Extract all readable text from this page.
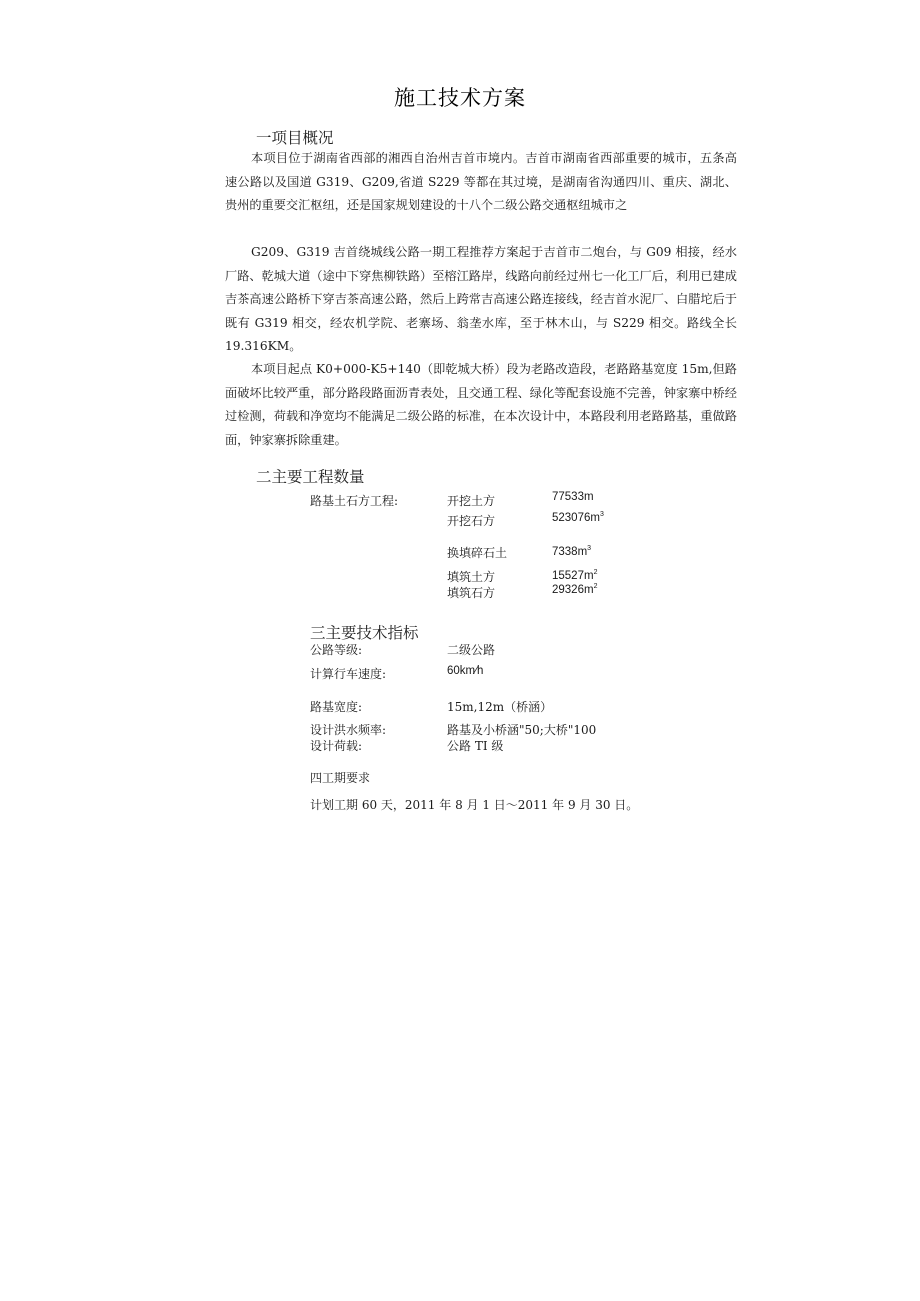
施工技术方案
一项目概况
本项目位于湖南省西部的湘西自治州吉首市境内。吉首市湖南省西部重要的城市，五条高速公路以及国道 G319、G209,省道 S229 等都在其过境，是湖南省沟通四川、重庆、湖北、贵州的重要交汇枢纽，还是国家规划建设的十八个二级公路交通枢纽城市之
G209、G319 吉首绕城线公路一期工程推荐方案起于吉首市二炮台，与 G09 相接，经水厂路、乾城大道（途中下穿焦柳铁路）至榕江路岸，线路向前经过州七一化工厂后，利用已建成吉茶高速公路桥下穿吉茶高速公路，然后上跨常吉高速公路连接线，经吉首水泥厂、白腊坨后于既有 G319 相交，经农机学院、老寨场、翁垄水库，至于林木山，与 S229 相交。路线全长 19.316KM。
本项目起点 K0+000-K5+140（即乾城大桥）段为老路改造段，老路路基宽度 15m,但路面破坏比较严重，部分路段路面沥青表处，且交通工程、绿化等配套设施不完善，钟家寨中桥经过检测，荷载和净宽均不能满足二级公路的标准，在本次设计中，本路段利用老路路基，重做路面，钟家寨拆除重建。
二主要工程数量
路基土石方工程:	开挖土方	77533m
开挖石方	$523076m^3$
换填碎石土	$7338m^3$
填筑土方	$15527m^2$
填筑石方	$29326m^2$
三主要技术指标
公路等级:	二级公路
计算行车速度:	60km∕h
路基宽度:	15m,12m（桥涵）
设计洪水频率:	路基及小桥涵"50;大桥"100
设计荷载:	公路 TI 级
四工期要求
计划工期 60 天，2011 年 8 月 1 日～2011 年 9 月 30 日。
